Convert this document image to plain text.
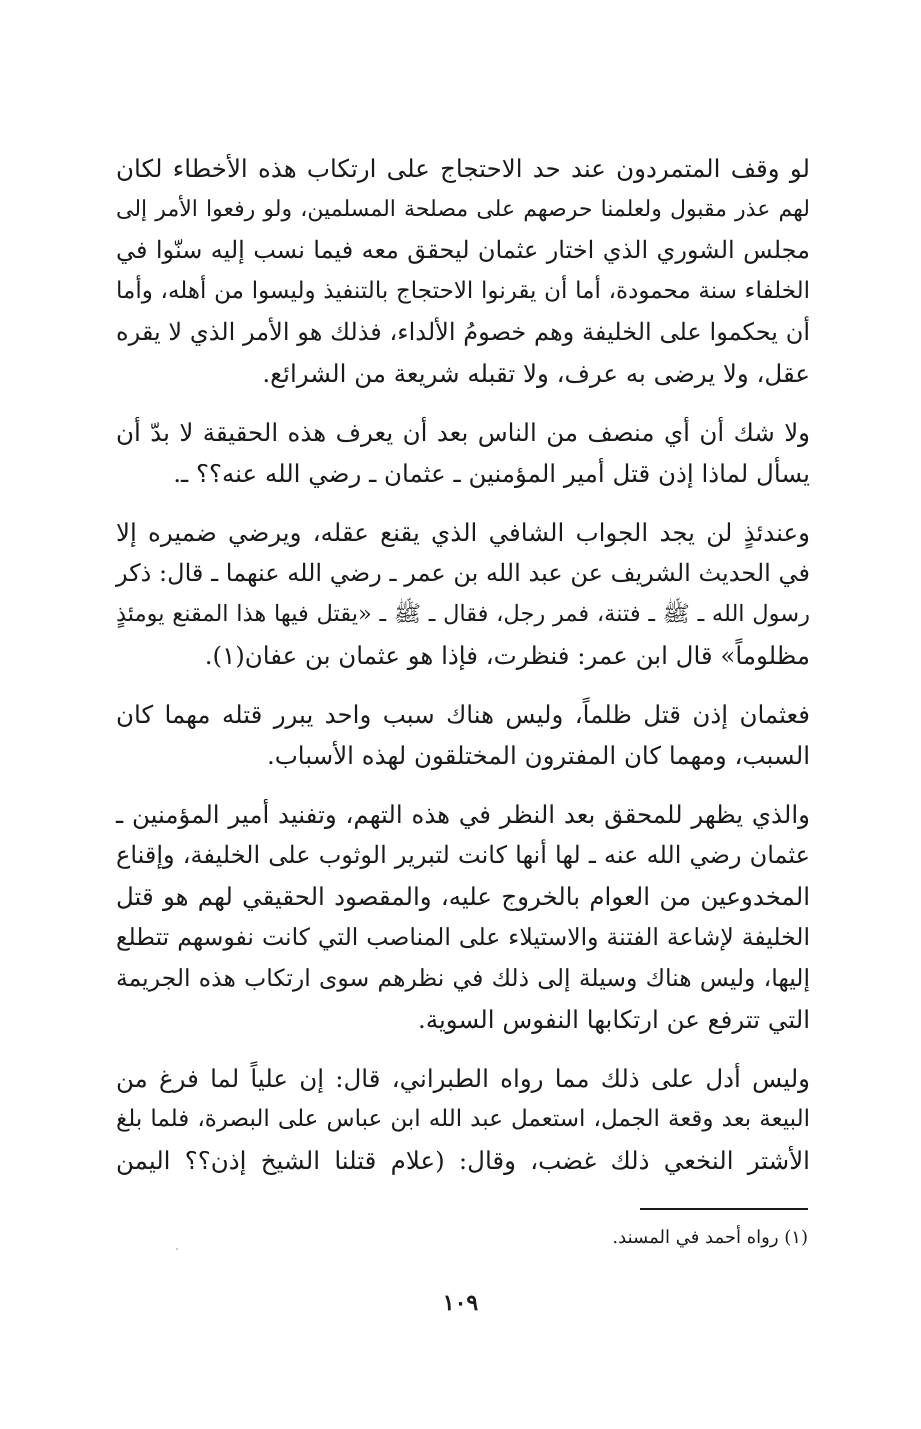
لو وقف المتمردون عند حد الاحتجاج على ارتكاب هذه الأخطاء لكان
لهم عذر مقبول ولعلمنا حرصهم على مصلحة المسلمين، ولو رفعوا الأمر إلى
مجلس الشوري الذي اختار عثمان ليحقق معه فيما نسب إليه سنّوا في
الخلفاء سنة محمودة، أما أن يقرنوا الاحتجاج بالتنفيذ وليسوا من أهله، وأما
أن يحكموا على الخليفة وهم خصومُ الألداء، فذلك هو الأمر الذي لا يقره
عقل، ولا يرضى به عرف، ولا تقبله شريعة من الشرائع.

ولا شك أن أي منصف من الناس بعد أن يعرف هذه الحقيقة لا بدّ أن
يسأل لماذا إذن قتل أمير المؤمنين ـ عثمان ـ رضي الله عنه؟؟ ـ.

وعندئذٍ لن يجد الجواب الشافي الذي يقنع عقله، ويرضي ضميره إلا
في الحديث الشريف عن عبد الله بن عمر ـ رضي الله عنهما ـ قال: ذكر
رسول الله ـ ﷺ ـ فتنة، فمر رجل، فقال ـ ﷺ ـ «يقتل فيها هذا المقنع يومئذٍ
مظلوماً» قال ابن عمر: فنظرت، فإذا هو عثمان بن عفان(١).

فعثمان إذن قتل ظلماً، وليس هناك سبب واحد يبرر قتله مهما كان
السبب، ومهما كان المفترون المختلقون لهذه الأسباب.

والذي يظهر للمحقق بعد النظر في هذه التهم، وتفنيد أمير المؤمنين ـ
عثمان رضي الله عنه ـ لها أنها كانت لتبرير الوثوب على الخليفة، وإقناع
المخدوعين من العوام بالخروج عليه، والمقصود الحقيقي لهم هو قتل
الخليفة لإشاعة الفتنة والاستيلاء على المناصب التي كانت نفوسهم تتطلع
إليها، وليس هناك وسيلة إلى ذلك في نظرهم سوى ارتكاب هذه الجريمة
التي تترفع عن ارتكابها النفوس السوية.

وليس أدل على ذلك مما رواه الطبراني، قال: إن علياً لما فرغ من
البيعة بعد وقعة الجمل، استعمل عبد الله ابن عباس على البصرة، فلما بلغ
الأشتر النخعي ذلك غضب، وقال: (علام قتلنا الشيخ إذن؟؟ اليمن

(١) رواه أحمد في المسند.
١٠٩
